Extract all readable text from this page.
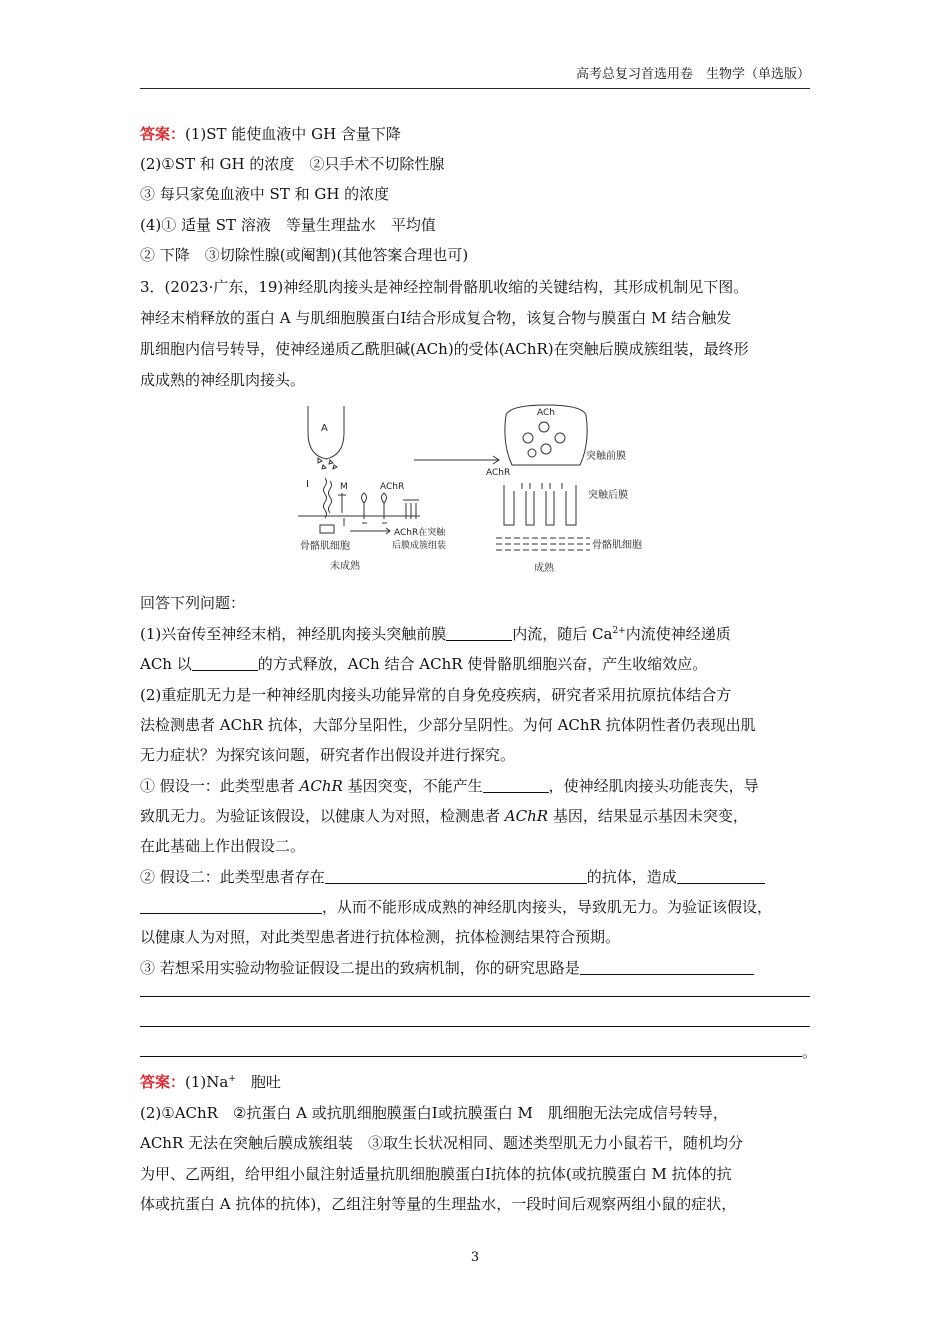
高考总复习首选用卷　生物学（单选版）
答案：(1)ST 能使血液中 GH 含量下降
(2)①ST 和 GH 的浓度　②只手术不切除性腺
③ 每只家兔血液中 ST 和 GH 的浓度
(4)① 适量 ST 溶液　等量生理盐水　平均值
② 下降　③切除性腺(或阉割)(其他答案合理也可)
3．(2023·广东，19)神经肌肉接头是神经控制骨骼肌收缩的关键结构，其形成机制见下图。
神经末梢释放的蛋白 A 与肌细胞膜蛋白Ⅰ结合形成复合物，该复合物与膜蛋白 M 结合触发
肌细胞内信号转导，使神经递质乙酰胆碱(ACh)的受体(AChR)在突触后膜成簇组装，最终形
成成熟的神经肌肉接头。
回答下列问题：
(1)兴奋传至神经末梢，神经肌肉接头突触前膜	内流，随后 $Ca^{2+}$内流使神经递质
ACh 以	的方式释放，ACh 结合 AChR 使骨骼肌细胞兴奋，产生收缩效应。
(2)重症肌无力是一种神经肌肉接头功能异常的自身免疫疾病，研究者采用抗原抗体结合方
法检测患者 AChR 抗体，大部分呈阳性，少部分呈阴性。为何 AChR 抗体阴性者仍表现出肌
无力症状？为探究该问题，研究者作出假设并进行探究。
① 假设一：此类型患者 AChR 基因突变，不能产生	，使神经肌肉接头功能丧失，导
致肌无力。为验证该假设，以健康人为对照，检测患者 AChR 基因，结果显示基因未突变，
在此基础上作出假设二。
② 假设二：此类型患者存在	的抗体，造成
，从而不能形成成熟的神经肌肉接头，导致肌无力。为验证该假设，
以健康人为对照，对此类型患者进行抗体检测，抗体检测结果符合预期。
③ 若想采用实验动物验证假设二提出的致病机制，你的研究思路是
。
答案：(1)Na+　胞吐
(2)①AChR　②抗蛋白 A 或抗肌细胞膜蛋白Ⅰ或抗膜蛋白 M　肌细胞无法完成信号转导，
AChR 无法在突触后膜成簇组装　③取生长状况相同、题述类型肌无力小鼠若干，随机均分
为甲、乙两组，给甲组小鼠注射适量抗肌细胞膜蛋白Ⅰ抗体的抗体(或抗膜蛋白 M 抗体的抗
体或抗蛋白 A 抗体的抗体)，乙组注射等量的生理盐水，一段时间后观察两组小鼠的症状，
A
Ⅰ	M	AChR
AChR在突触
后膜成簇组装
骨骼肌细胞
未成熟
ACh
AChR
突触前膜
突触后膜
骨骼肌细胞
成熟
3
